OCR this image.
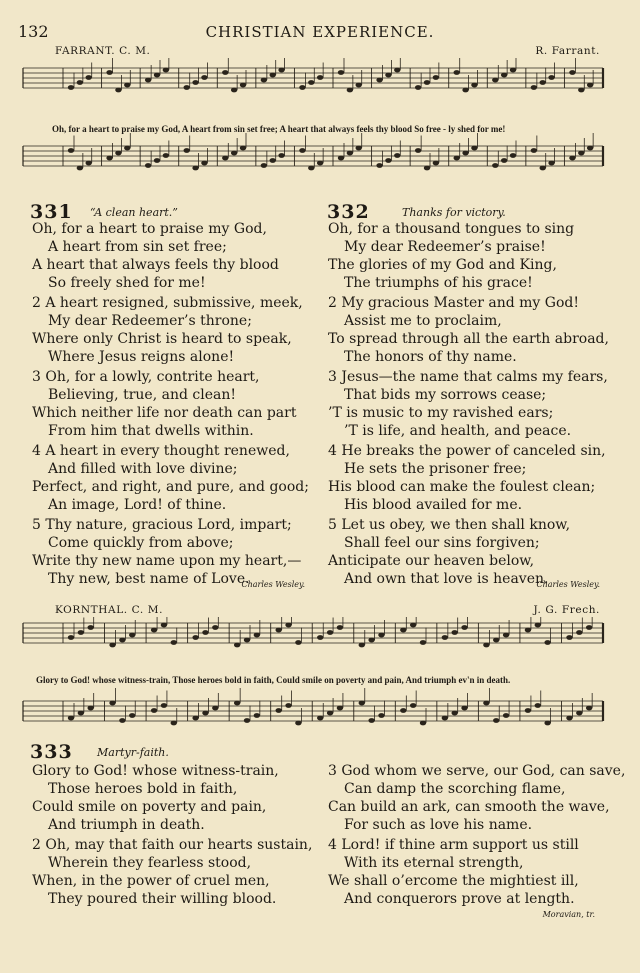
132	CHRISTIAN EXPERIENCE.
FARRANT. C. M.	R. Farrant.
Oh, for a heart to praise my God, A heart from sin set free; A heart that always feels thy blood So free - ly shed for me!
331 “A clean heart.”
Oh, for a heart to praise my God,
A heart from sin set free;
A heart that always feels thy blood
So freely shed for me!
2 A heart resigned, submissive, meek,
My dear Redeemer’s throne;
Where only Christ is heard to speak,
Where Jesus reigns alone!
3 Oh, for a lowly, contrite heart,
Believing, true, and clean!
Which neither life nor death can part
From him that dwells within.
4 A heart in every thought renewed,
And filled with love divine;
Perfect, and right, and pure, and good;
An image, Lord! of thine.
5 Thy nature, gracious Lord, impart;
Come quickly from above;
Write thy new name upon my heart,—
Thy new, best name of Love.
Charles Wesley.
332	Thanks for victory.
Oh, for a thousand tongues to sing
My dear Redeemer’s praise!
The glories of my God and King,
The triumphs of his grace!
2 My gracious Master and my God!
Assist me to proclaim,
To spread through all the earth abroad,
The honors of thy name.
3 Jesus—the name that calms my fears,
That bids my sorrows cease;
’T is music to my ravished ears;
’T is life, and health, and peace.
4 He breaks the power of canceled sin,
He sets the prisoner free;
His blood can make the foulest clean;
His blood availed for me.
5 Let us obey, we then shall know,
Shall feel our sins forgiven;
Anticipate our heaven below,
And own that love is heaven.
Charles Wesley.
KORNTHAL. C. M.	J. G. Frech.
Glory to God! whose witness-train, Those heroes bold in faith, Could smile on poverty and pain, And triumph ev'n in death.
333 Martyr-faith.
Glory to God! whose witness-train,
Those heroes bold in faith,
Could smile on poverty and pain,
And triumph in death.
2 Oh, may that faith our hearts sustain,
Wherein they fearless stood,
When, in the power of cruel men,
They poured their willing blood.
3 God whom we serve, our God, can save,
Can damp the scorching flame,
Can build an ark, can smooth the wave,
For such as love his name.
4 Lord! if thine arm support us still
With its eternal strength,
We shall o’ercome the mightiest ill,
And conquerors prove at length.
Moravian, tr.
